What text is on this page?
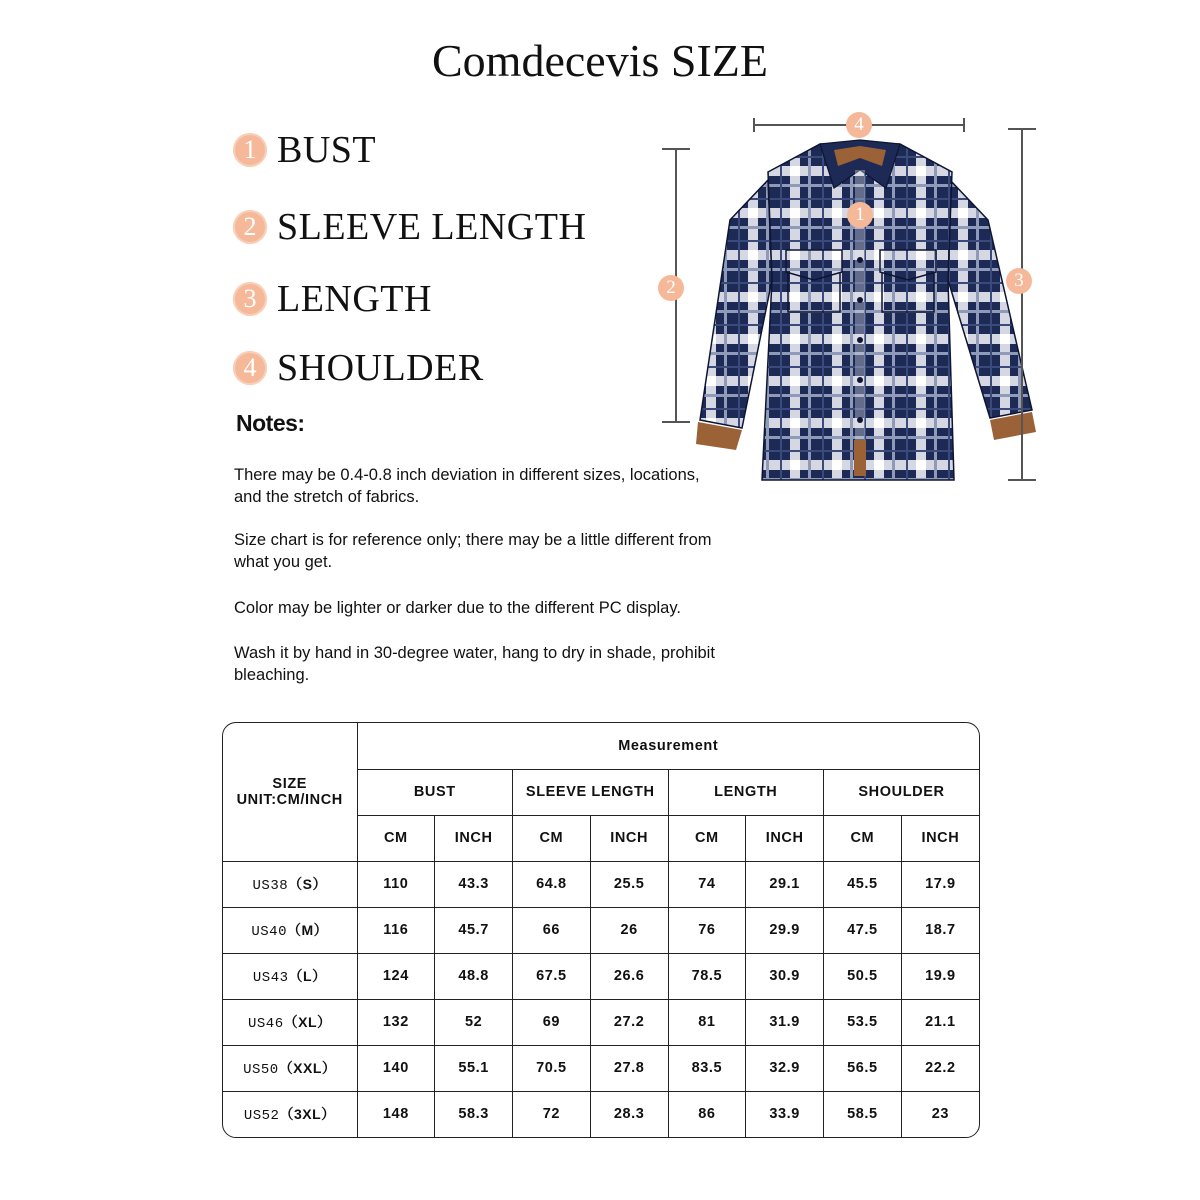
Comdecevis SIZE
1 BUST
2 SLEEVE LENGTH
3 LENGTH
4 SHOULDER
Notes:
There may be 0.4-0.8 inch deviation in different sizes, locations, and the stretch of fabrics.
Size chart is for reference only; there may be a little different from what you get.
Color may be lighter or darker due to the different PC display.
Wash it by hand in 30-degree water, hang to dry in shade, prohibit bleaching.
4
2	3
1
SIZE
UNIT:CM/INCH	Measurement							
	BUST		SLEEVE LENGTH		LENGTH		SHOULDER	
	CM	INCH	CM	INCH	CM	INCH	CM	INCH
US38（S）	110	43.3	64.8	25.5	74	29.1	45.5	17.9
US40（M）	116	45.7	66	26	76	29.9	47.5	18.7
US43（L）	124	48.8	67.5	26.6	78.5	30.9	50.5	19.9
US46（XL）	132	52	69	27.2	81	31.9	53.5	21.1
US50（XXL）	140	55.1	70.5	27.8	83.5	32.9	56.5	22.2
US52（3XL）	148	58.3	72	28.3	86	33.9	58.5	23
